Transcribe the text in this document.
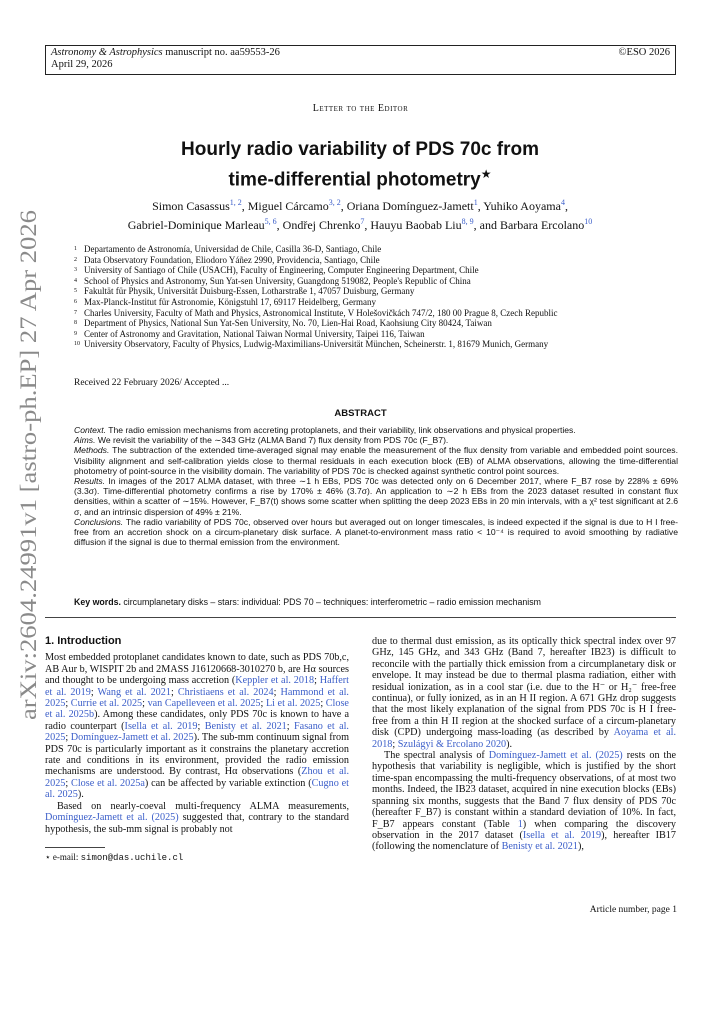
Astronomy & Astrophysics manuscript no. aa59553-26
April 29, 2026
©ESO 2026
arXiv:2604.24991v1 [astro-ph.EP] 27 Apr 2026
Letter to the Editor
Hourly radio variability of PDS 70c from
time-differential photometry★
Simon Casassus$^{1, 2}$, Miguel Cárcamo$^{3, 2}$, Oriana Domínguez-Jamett$^1$, Yuhiko Aoyama$^4$,
Gabriel-Dominique Marleau$^{5, 6}$, Ondřej Chrenko$^7$, Hauyu Baobab Liu$^{8, 9}$, and Barbara Ercolano$^{10}$
1 Departamento de Astronomía, Universidad de Chile, Casilla 36-D, Santiago, Chile
2 Data Observatory Foundation, Eliodoro Yáñez 2990, Providencia, Santiago, Chile
3 University of Santiago of Chile (USACH), Faculty of Engineering, Computer Engineering Department, Chile
4 School of Physics and Astronomy, Sun Yat-sen University, Guangdong 519082, People's Republic of China
5 Fakultät für Physik, Universität Duisburg-Essen, Lotharstraße 1, 47057 Duisburg, Germany
6 Max-Planck-Institut für Astronomie, Königstuhl 17, 69117 Heidelberg, Germany
7 Charles University, Faculty of Math and Physics, Astronomical Institute, V Holešovičkách 747/2, 180 00 Prague 8, Czech Republic
8 Department of Physics, National Sun Yat-Sen University, No. 70, Lien-Hai Road, Kaohsiung City 80424, Taiwan
9 Center of Astronomy and Gravitation, National Taiwan Normal University, Taipei 116, Taiwan
10 University Observatory, Faculty of Physics, Ludwig-Maximilians-Universität München, Scheinerstr. 1, 81679 Munich, Germany
Received 22 February 2026/ Accepted ...
ABSTRACT

Context. The radio emission mechanisms from accreting protoplanets, and their variability, link observations and physical properties.

Aims. We revisit the variability of the ∼343 GHz (ALMA Band 7) flux density from PDS 70c (F_B7).

Methods. The subtraction of the extended time-averaged signal may enable the measurement of the flux density from variable and embedded point sources. Visibility alignment and self-calibration yields close to thermal residuals in each execution block (EB) of ALMA observations, allowing the time-differential photometry of point-source in the visibility domain. The variability of PDS 70c is checked against synthetic control point sources.

Results. In images of the 2017 ALMA dataset, with three ∼1 h EBs, PDS 70c was detected only on 6 December 2017, where F_B7 rose by 228% ± 69% (3.3σ). Time-differential photometry confirms a rise by 170% ± 46% (3.7σ). An application to ∼2 h EBs from the 2023 dataset resulted in constant flux densities, within a scatter of ∼15%. However, F_B7(t) shows some scatter when splitting the deep 2023 EBs in 20 min intervals, with a χ² test significant at 2.6 σ, and an intrinsic dispersion of 49% ± 21%.

Conclusions. The radio variability of PDS 70c, observed over hours but averaged out on longer timescales, is indeed expected if the signal is due to H I free-free from an accretion shock on a circum-planetary disk surface. A planet-to-environment mass ratio < 10⁻⁴ is required to avoid smoothing by radiative diffusion if the signal is due to thermal emission from the environment.

Key words. circumplanetary disks – stars: individual: PDS 70 – techniques: interferometric – radio emission mechanism
1. Introduction

Most embedded protoplanet candidates known to date, such as PDS 70b,c, AB Aur b, WISPIT 2b and 2MASS J16120668-3010270 b, are Hα sources and thought to be undergoing mass accretion (Keppler et al. 2018; Haffert et al. 2019; Wang et al. 2021; Christiaens et al. 2024; Hammond et al. 2025; Currie et al. 2025; van Capelleveen et al. 2025; Li et al. 2025; Close et al. 2025b). Among these candidates, only PDS 70c is known to have a radio counterpart (Isella et al. 2019; Benisty et al. 2021; Fasano et al. 2025; Domínguez-Jamett et al. 2025). The sub-mm continuum signal from PDS 70c is particularly important as it constrains the planetary accretion rate and conditions in its environment, provided the radio emission mechanisms are understood. By contrast, Hα observations (Zhou et al. 2025; Close et al. 2025a) can be affected by variable extinction (Cugno et al. 2025).

Based on nearly-coeval multi-frequency ALMA measurements, Domínguez-Jamett et al. (2025) suggested that, contrary to the standard hypothesis, the sub-mm signal is probably not

due to thermal dust emission, as its optically thick spectral index over 97 GHz, 145 GHz, and 343 GHz (Band 7, hereafter IB23) is difficult to reconcile with the partially thick emission from a circumplanetary disk or envelope. It may instead be due to thermal plasma radiation, either with residual ionization, as in a cool star (i.e. due to the H⁻ or H₂⁻ free-free continua), or fully ionized, as in an H II region. A 671 GHz drop suggests that the most likely explanation of the signal from PDS 70c is H I free-free from a thin H II region at the shocked surface of a circum-planetary disk (CPD) undergoing mass-loading (as described by Aoyama et al. 2018; Szulágyi & Ercolano 2020).

The spectral analysis of Domínguez-Jamett et al. (2025) rests on the hypothesis that variability is negligible, which is justified by the short time-span encompassing the multi-frequency observations, of at most two months. Indeed, the IB23 dataset, acquired in nine execution blocks (EBs) spanning six months, suggests that the Band 7 flux density of PDS 70c (hereafter F_B7) is constant within a standard deviation of 10%. In fact, F_B7 appears constant (Table 1) when comparing the discovery observation in the 2017 dataset (Isella et al. 2019), hereafter IB17 (following the nomenclature of Benisty et al. 2021),

⋆ e-mail: simon@das.uchile.cl
Article number, page 1
